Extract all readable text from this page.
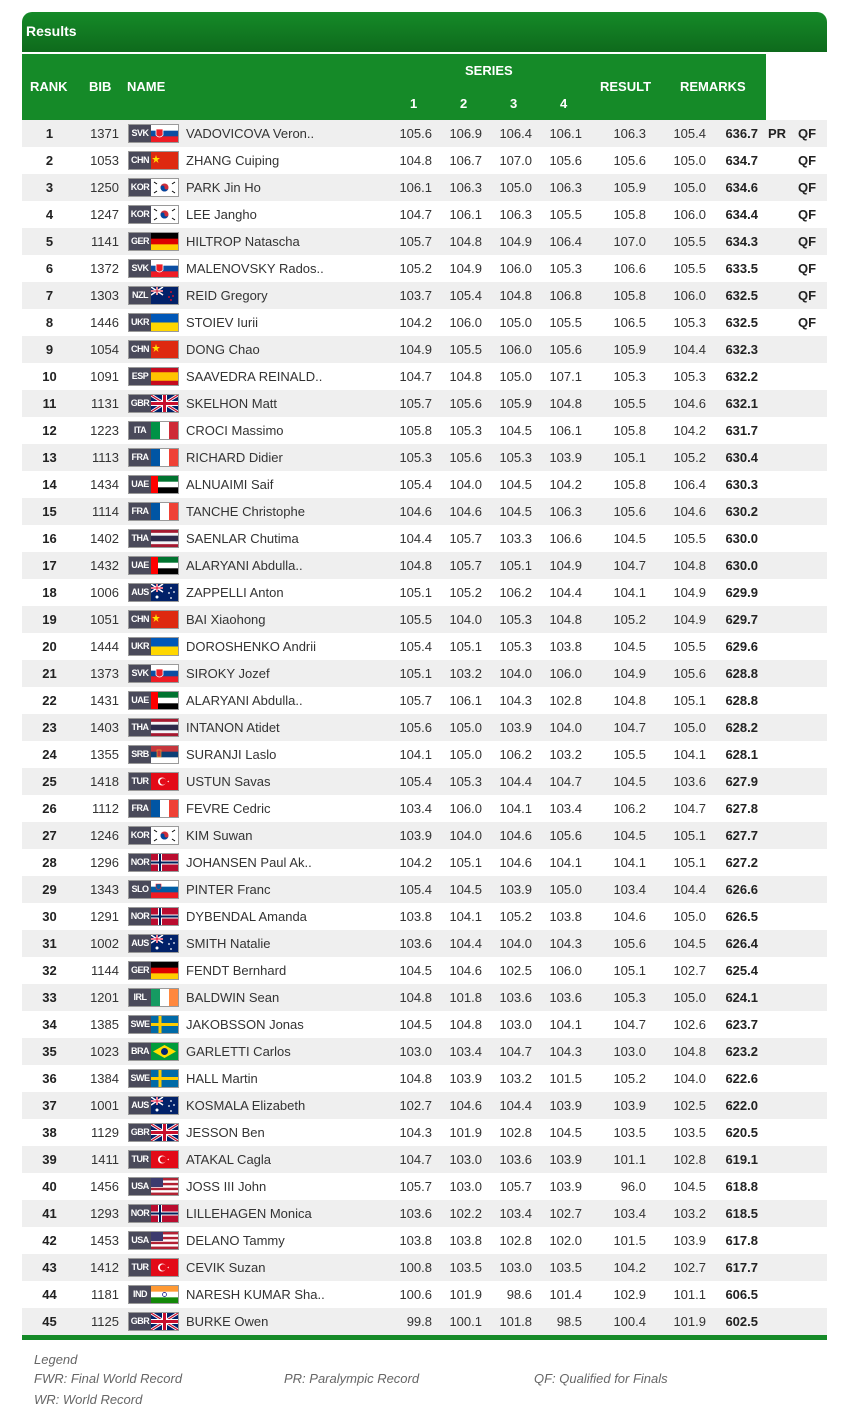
Results
RANK BIB NAME
SERIES
1	2	3	4
RESULT REMARKS
1	1371 SVK	VADOVICOVA Veron..	105.6	106.9	106.4	106.1	106.3	105.4	636.7 PR QF
2	1053 CHN	ZHANG Cuiping	104.8	106.7	107.0	105.6	105.6	105.0	634.7	QF
3	1250 KOR	PARK Jin Ho	106.1	106.3	105.0	106.3	105.9	105.0	634.6	QF
4	1247 KOR	LEE Jangho	104.7	106.1	106.3	105.5	105.8	106.0	634.4	QF
5	1141 GER	HILTROP Natascha	105.7	104.8	104.9	106.4	107.0	105.5	634.3	QF
6	1372 SVK	MALENOVSKY Rados..	105.2	104.9	106.0	105.3	106.6	105.5	633.5	QF
7	1303	NZL	REID Gregory	103.7	105.4	104.8	106.8	105.8	106.0	632.5	QF
8	1446 UKR	STOIEV Iurii	104.2	106.0	105.0	105.5	106.5	105.3	632.5	QF
9	1054 CHN	DONG Chao	104.9	105.5	106.0	105.6	105.9	104.4	632.3
10	1091	ESP	SAAVEDRA REINALD..	104.7	104.8	105.0	107.1	105.3	105.3	632.2
11	1131 GBR	SKELHON Matt	105.7	105.6	105.9	104.8	105.5	104.6	632.1
12	1223	ITA	CROCI Massimo	105.8	105.3	104.5	106.1	105.8	104.2	631.7
13	1113 FRA	RICHARD Didier	105.3	105.6	105.3	103.9	105.1	105.2	630.4
14	1434 UAE	ALNUAIMI Saif	105.4	104.0	104.5	104.2	105.8	106.4	630.3
15	1114 FRA	TANCHE Christophe	104.6	104.6	104.5	106.3	105.6	104.6	630.2
16	1402 THA	SAENLAR Chutima	104.4	105.7	103.3	106.6	104.5	105.5	630.0
17	1432 UAE	ALARYANI Abdulla..	104.8	105.7	105.1	104.9	104.7	104.8	630.0
18	1006 AUS	ZAPPELLI Anton	105.1	105.2	106.2	104.4	104.1	104.9	629.9
19	1051 CHN	BAI Xiaohong	105.5	104.0	105.3	104.8	105.2	104.9	629.7
20	1444 UKR	DOROSHENKO Andrii	105.4	105.1	105.3	103.8	104.5	105.5	629.6
21	1373 SVK	SIROKY Jozef	105.1	103.2	104.0	106.0	104.9	105.6	628.8
22	1431 UAE	ALARYANI Abdulla..	105.7	106.1	104.3	102.8	104.8	105.1	628.8
23	1403 THA	INTANON Atidet	105.6	105.0	103.9	104.0	104.7	105.0	628.2
24	1355 SRB	SURANJI Laslo	104.1	105.0	106.2	103.2	105.5	104.1	628.1
25	1418 TUR	USTUN Savas	105.4	105.3	104.4	104.7	104.5	103.6	627.9
26	1112 FRA	FEVRE Cedric	103.4	106.0	104.1	103.4	106.2	104.7	627.8
27	1246 KOR	KIM Suwan	103.9	104.0	104.6	105.6	104.5	105.1	627.7
28	1296 NOR	JOHANSEN Paul Ak..	104.2	105.1	104.6	104.1	104.1	105.1	627.2
29	1343 SLO	PINTER Franc	105.4	104.5	103.9	105.0	103.4	104.4	626.6
30	1291 NOR	DYBENDAL Amanda	103.8	104.1	105.2	103.8	104.6	105.0	626.5
31	1002 AUS	SMITH Natalie	103.6	104.4	104.0	104.3	105.6	104.5	626.4
32	1144 GER	FENDT Bernhard	104.5	104.6	102.5	106.0	105.1	102.7	625.4
33	1201	IRL	BALDWIN Sean	104.8	101.8	103.6	103.6	105.3	105.0	624.1
34	1385 SWE	JAKOBSSON Jonas	104.5	104.8	103.0	104.1	104.7	102.6	623.7
35	1023 BRA	GARLETTI Carlos	103.0	103.4	104.7	104.3	103.0	104.8	623.2
36	1384 SWE	HALL Martin	104.8	103.9	103.2	101.5	105.2	104.0	622.6
37	1001 AUS	KOSMALA Elizabeth	102.7	104.6	104.4	103.9	103.9	102.5	622.0
38	1129 GBR	JESSON Ben	104.3	101.9	102.8	104.5	103.5	103.5	620.5
39	1411 TUR	ATAKAL Cagla	104.7	103.0	103.6	103.9	101.1	102.8	619.1
40	1456 USA	JOSS III John	105.7	103.0	105.7	103.9	96.0	104.5	618.8
41	1293 NOR	LILLEHAGEN Monica	103.6	102.2	103.4	102.7	103.4	103.2	618.5
42	1453 USA	DELANO Tammy	103.8	103.8	102.8	102.0	101.5	103.9	617.8
43	1412 TUR	CEVIK Suzan	100.8	103.5	103.0	103.5	104.2	102.7	617.7
44	1181	IND	NARESH KUMAR Sha..	100.6	101.9	98.6	101.4	102.9	101.1	606.5
45	1125 GBR	BURKE Owen	99.8	100.1	101.8	98.5	100.4	101.9	602.5
Legend
FWR: Final World Record	PR: Paralympic Record	QF: Qualified for Finals
WR: World Record
